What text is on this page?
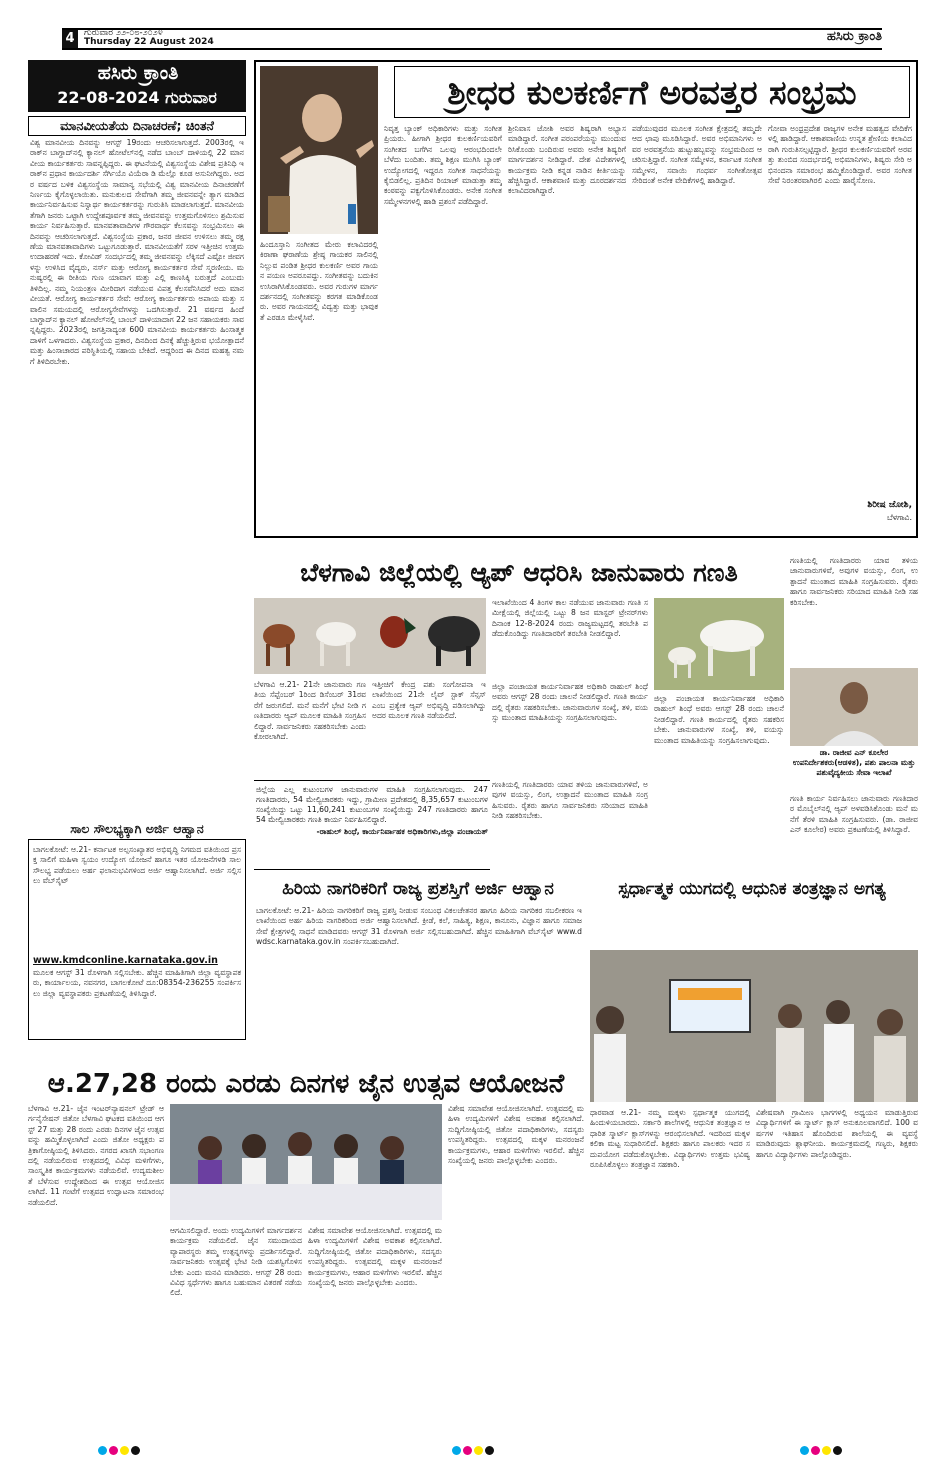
4	ಗುರುವಾರ ೨೨-೦೮-೨೦೨೪
Thursday 22 August 2024	ಹಸಿರು ಕ್ರಾಂತಿ
ಹಸಿರು ಕ್ರಾಂತಿ
22-08-2024 ಗುರುವಾರ
ಮಾನವೀಯತೆಯ ದಿನಾಚರಣೆ; ಚಿಂತನೆ
ವಿಶ್ವ ಮಾನವೀಯ ದಿನವನ್ನು ಆಗಸ್ಟ್ 19ರಂದು ಆಚರಿಸಲಾಗುತ್ತದೆ. 2003ರಲ್ಲಿ ಇರಾಕ್‌ನ ಬಾಗ್ದಾದ್‌ನಲ್ಲಿ ಕ್ಯಾನಲ್ ಹೋಟೆಲ್‌ನಲ್ಲಿ ನಡೆದ ಬಾಂಬ್ ದಾಳಿಯಲ್ಲಿ 22 ಮಾನವೀಯ ಕಾರ್ಯಕರ್ತರು ಸಾವನ್ನಪ್ಪಿದ್ದರು. ಈ ಘಟನೆಯಲ್ಲಿ ವಿಶ್ವಸಂಸ್ಥೆಯ ವಿಶೇಷ ಪ್ರತಿನಿಧಿ ಇರಾಕ್‌ನ ಪ್ರಧಾನ ಕಾರ್ಯದರ್ಶಿ ಸೆರ್ಗಿಯೊ ವಿಯೆರಾ ಡಿ ಮೆಲ್ಲೊ ಕೂಡ ಅಸುನೀಗಿದ್ದರು. ಅದರ ವರ್ಷದ ಬಳಿಕ ವಿಶ್ವಸಂಸ್ಥೆಯ ಸಾಮಾನ್ಯ ಸಭೆಯಲ್ಲಿ ವಿಶ್ವ ಮಾನವೀಯ ದಿನಾಚರಣೆಗೆ ನಿರ್ಣಯ ಕೈಗೊಳ್ಳಲಾಯಿತು. ಮನುಕುಲದ ಸೇವೆಗಾಗಿ ತಮ್ಮ ಜೀವನವನ್ನೇ ತ್ಯಾಗ ಮಾಡಿದ ಕಾರ್ಯನಿರ್ವಹಿಸುವ ನಿಸ್ವಾರ್ಥ ಕಾರ್ಯಕರ್ತರನ್ನು ಗುರುತಿಸಿ ಮಾಡಲಾಗುತ್ತದೆ. ಮಾನವೀಯತೆಗಾಗಿ ಜನರು ಒಟ್ಟಾಗಿ ಉದ್ದೇಶಪೂರ್ವಕ ತಮ್ಮ ಜೀವನವನ್ನು ಉತ್ತಮಗೊಳಿಸಲು ಶ್ರಮಿಸುವ ಕಾರ್ಯ ನಿರ್ವಹಿಸುತ್ತಾರೆ. ಮಾನವತಾವಾದಿಗಳ ಗೌರವಾರ್ಥ ಕೆಲಸವನ್ನು ಸಂಭ್ರಮಿಸಲು ಈ ದಿನವನ್ನು ಆಚರಿಸಲಾಗುತ್ತದೆ. ವಿಶ್ವಸಂಸ್ಥೆಯ ಪ್ರಕಾರ, ಜನರ ಜೀವನ ಉಳಿಸಲು ತಮ್ಮ ರಕ್ಷಣೆಯ ಮಾನವತಾವಾದಿಗಳು ಒಟ್ಟುಗೂಡುತ್ತಾರೆ. ಮಾನವೀಯತೆಗೆ ಸರಳ ಇತ್ತೀಚಿನ ಉತ್ತಮ ಉದಾಹರಣೆ ಇದು. ಕೋವಿಡ್ ಸಂದರ್ಭದಲ್ಲಿ ತಮ್ಮ ಜೀವನವನ್ನು ಲೆಕ್ಕಿಸದೆ ಎಷ್ಟೋ ಜೀವಗಳನ್ನು ಉಳಿಸಿದ ವೈದ್ಯರು, ನರ್ಸ್ ಮತ್ತು ಆರೋಗ್ಯ ಕಾರ್ಯಕರ್ತರ ಸೇವೆ ಸ್ಮರಣೀಯ. ಮನುಷ್ಯರಲ್ಲಿ ಈ ರೀತಿಯ ಗುಣ ಯಾವಾಗ ಮತ್ತು ಎಲ್ಲಿ ಕಾಣಸಿಕ್ಕಿ ಬರುತ್ತದೆ ಎಂಬುದು ತಿಳಿದಿಲ್ಲ. ನಮ್ಮ ನಿಯಂತ್ರಣ ಮೀರಿದಾಗ ನಡೆಯುವ ವಿಪತ್ತ ಕೆಲಸವೆನಿಸಿದರೆ ಅದು ಮಾನವೀಯತೆ. ಆರೋಗ್ಯ ಕಾರ್ಯಕರ್ತರ ಸೇವೆ: ಆರೋಗ್ಯ ಕಾರ್ಯಕರ್ತರು ಅಪಾಯ ಮತ್ತು ಸವಾಲಿನ ಸಮಯದಲ್ಲಿ ಆರೋಗ್ಯಸೇವೆಗಳನ್ನು ಒದಗಿಸುತ್ತಾರೆ. 21 ವರ್ಷದ ಹಿಂದೆ ಬಾಗ್ದಾದ್‌ನ ಕ್ಯಾನಲ್ ಹೋಟೆಲ್‌ನಲ್ಲಿ ಬಾಂಬ್ ದಾಳಿಯಾದಾಗ 22 ಜನ ಸಹಾಯಕರು ಸಾವನ್ನಪ್ಪಿದ್ದರು. 2023ರಲ್ಲಿ ಜಗತ್ತಿನಾದ್ಯಂತ 600 ಮಾನವೀಯ ಕಾರ್ಯಕರ್ತರು ಹಿಂಸಾತ್ಮಕ ದಾಳಿಗೆ ಒಳಗಾದರು. ವಿಶ್ವಸಂಸ್ಥೆಯ ಪ್ರಕಾರ, ದಿನದಿಂದ ದಿನಕ್ಕೆ ಹೆಚ್ಚುತ್ತಿರುವ ಭಯೋತ್ಪಾದನೆ ಮತ್ತು ಹಿಂಸಾಚಾರದ ಪರಿಸ್ಥಿತಿಯಲ್ಲಿ ಸಹಾಯ ಬೇಕಿದೆ. ಆದ್ದರಿಂದ ಈ ದಿನದ ಮಹತ್ವ ನಮಗೆ ತಿಳಿದಿರಬೇಕು.
ಸಾಲ ಸೌಲಭ್ಯಕ್ಕಾಗಿ ಅರ್ಜಿ ಆಹ್ವಾನ
ಬಾಗಲಕೋಟೆ: ಆ.21- ಕರ್ನಾಟಕ ಅಲ್ಪಸಂಖ್ಯಾತರ ಅಭಿವೃದ್ಧಿ ನಿಗಮದ ವತಿಯಿಂದ ಪ್ರಸಕ್ತ ಸಾಲಿಗೆ ಮಹಿಳಾ ಸ್ವಯಂ ಉದ್ಯೋಗ ಯೋಜನೆ ಹಾಗೂ ಇತರ ಯೋಜನೆಗಳಡಿ ಸಾಲ ಸೌಲಭ್ಯ ಪಡೆಯಲು ಅರ್ಹ ಫಲಾನುಭವಿಗಳಿಂದ ಅರ್ಜಿ ಆಹ್ವಾನಿಸಲಾಗಿದೆ. ಅರ್ಜಿ ಸಲ್ಲಿಸಲು ವೆಬ್‌ಸೈಟ್
www.kmdconline.karnataka.gov.in
ಮೂಲಕ ಆಗಸ್ಟ್ 31 ರೊಳಗಾಗಿ ಸಲ್ಲಿಸಬೇಕು. ಹೆಚ್ಚಿನ ಮಾಹಿತಿಗಾಗಿ ಜಿಲ್ಲಾ ವ್ಯವಸ್ಥಾಪಕರು, ಕಾರ್ಯಾಲಯ, ನವನಗರ, ಬಾಗಲಕೋಟೆ ದೂ:08354-236255 ಸಂಪರ್ಕಿಸಲು ಜಿಲ್ಲಾ ವ್ಯವಸ್ಥಾಪಕರು ಪ್ರಕಟಣೆಯಲ್ಲಿ ತಿಳಿಸಿದ್ದಾರೆ.
ಶ್ರೀಧರ ಕುಲಕರ್ಣಿಗೆ ಅರವತ್ತರ ಸಂಭ್ರಮ
ಹಿಂದೂಸ್ತಾನಿ ಸಂಗೀತದ ಮೇರು ಕಲಾವಿದರಲ್ಲಿ ಕಿರಾಣಾ ಘರಾಣೆಯ ಶ್ರೇಷ್ಠ ಗಾಯಕರ ಸಾಲಿನಲ್ಲಿ ನಿಲ್ಲುವ ಪಂಡಿತ ಶ್ರೀಧರ ಕುಲಕರ್ಣಿ ಅವರ ಗಾಯನ ಪಯಣ ಅಪರೂಪದ್ದು. ಸಂಗೀತವನ್ನು ಬದುಕಿನ ಉಸಿರಾಗಿಸಿಕೊಂಡವರು. ಅವರ ಗುರುಗಳ ಮಾರ್ಗದರ್ಶನದಲ್ಲಿ ಸಂಗೀತವನ್ನು ಕರಗತ ಮಾಡಿಕೊಂಡರು. ಅವರ ಗಾಯನದಲ್ಲಿ ವಿದ್ವತ್ತು ಮತ್ತು ಭಾವುಕತೆ ಎರಡೂ ಮೇಳೈಸಿವೆ.
ನಿವೃತ್ತ ಬ್ಯಾಂಕ್ ಅಧಿಕಾರಿಗಳು ಮತ್ತು ಸಂಗೀತ ಪ್ರಿಯರು. ಹೀಗಾಗಿ ಶ್ರೀಧರ ಕುಲಕರ್ಣಿಯವರಿಗೆ ಸಂಗೀತದ ಬಗೆಗಿನ ಒಲವು ಆರಂಭದಿಂದಲೇ ಬೆಳೆದು ಬಂದಿತು. ತಮ್ಮ ಶಿಕ್ಷಣ ಮುಗಿಸಿ ಬ್ಯಾಂಕ್ ಉದ್ಯೋಗದಲ್ಲಿ ಇದ್ದರೂ ಸಂಗೀತ ಸಾಧನೆಯನ್ನು ಕೈಬಿಡಲಿಲ್ಲ. ಪ್ರತಿದಿನ ರಿಯಾಜ್ ಮಾಡುತ್ತಾ ತಮ್ಮ ಕಂಠವನ್ನು ಪಕ್ವಗೊಳಿಸಿಕೊಂಡರು. ಅನೇಕ ಸಂಗೀತ ಸಮ್ಮೇಳನಗಳಲ್ಲಿ ಹಾಡಿ ಪ್ರಶಂಸೆ ಪಡೆದಿದ್ದಾರೆ.
ಶ್ರೀನಿವಾಸ ಜೋಶಿ ಅವರ ಶಿಷ್ಯರಾಗಿ ಅಭ್ಯಾಸ ಮಾಡಿದ್ದಾರೆ. ಸಂಗೀತ ಪರಂಪರೆಯನ್ನು ಮುಂದುವರಿಸಿಕೊಂಡು ಬಂದಿರುವ ಅವರು ಅನೇಕ ಶಿಷ್ಯರಿಗೆ ಮಾರ್ಗದರ್ಶನ ನೀಡಿದ್ದಾರೆ. ದೇಶ ವಿದೇಶಗಳಲ್ಲಿ ಕಾರ್ಯಕ್ರಮ ನೀಡಿ ಕನ್ನಡ ನಾಡಿನ ಕೀರ್ತಿಯನ್ನು ಹೆಚ್ಚಿಸಿದ್ದಾರೆ. ಆಕಾಶವಾಣಿ ಮತ್ತು ದೂರದರ್ಶನದ ಕಲಾವಿದರಾಗಿದ್ದಾರೆ.
ಪಡೆಯುವುದರ ಮೂಲಕ ಸಂಗೀತ ಕ್ಷೇತ್ರದಲ್ಲಿ ತಮ್ಮದೇ ಆದ ಛಾಪು ಮೂಡಿಸಿದ್ದಾರೆ. ಅವರ ಅಭಿಮಾನಿಗಳು ಅವರ ಅರವತ್ತನೆಯ ಹುಟ್ಟುಹಬ್ಬವನ್ನು ಸಂಭ್ರಮದಿಂದ ಆಚರಿಸುತ್ತಿದ್ದಾರೆ. ಸಂಗೀತ ಸಮ್ಮೇಳನ, ಕರ್ನಾಟಕ ಸಂಗೀತ ಸಮ್ಮೇಳನ, ಸವಾಯಿ ಗಂಧರ್ವ ಸಂಗೀತೋತ್ಸವ ಸೇರಿದಂತೆ ಅನೇಕ ವೇದಿಕೆಗಳಲ್ಲಿ ಹಾಡಿದ್ದಾರೆ.
ಗೋವಾ ಅಂಧ್ರಪ್ರದೇಶ ರಾಜ್ಯಗಳ ಅನೇಕ ಮಹತ್ವದ ವೇದಿಕೆಗಳಲ್ಲಿ ಹಾಡಿದ್ದಾರೆ. ಆಕಾಶವಾಣಿಯ ಉನ್ನತ ಶ್ರೇಣಿಯ ಕಲಾವಿದರಾಗಿ ಗುರುತಿಸಲ್ಪಟ್ಟಿದ್ದಾರೆ. ಶ್ರೀಧರ ಕುಲಕರ್ಣಿಯವರಿಗೆ ಅರವತ್ತು ತುಂಬಿದ ಸಂದರ್ಭದಲ್ಲಿ ಅಭಿಮಾನಿಗಳು, ಶಿಷ್ಯರು ಸೇರಿ ಅಭಿನಂದನಾ ಸಮಾರಂಭ ಹಮ್ಮಿಕೊಂಡಿದ್ದಾರೆ. ಅವರ ಸಂಗೀತ ಸೇವೆ ನಿರಂತರವಾಗಿರಲಿ ಎಂದು ಹಾರೈಸೋಣ.
ಶಿರೀಷ ಜೋಶಿ,
ಬೆಳಗಾವಿ.
ಬೆಳಗಾವಿ ಜಿಲ್ಲೆಯಲ್ಲಿ ಆ್ಯಪ್ ಆಧರಿಸಿ ಜಾನುವಾರು ಗಣತಿ
ಇಲಾಖೆಯಿಂದ 4 ತಿಂಗಳ ಕಾಲ ನಡೆಯುವ ಜಾನುವಾರು ಗಣತಿ ಸಮೀಕ್ಷೆಯಲ್ಲಿ ಜಿಲ್ಲೆಯಲ್ಲಿ ಒಟ್ಟು 8 ಜನ ಮಾಸ್ಟರ್ ಟ್ರೇನರ್‌ಗಳು ದಿನಾಂಕ 12-8-2024 ರಂದು ರಾಜ್ಯಮಟ್ಟದಲ್ಲಿ ತರಬೇತಿ ಪಡೆದುಕೊಂಡಿದ್ದು ಗಣತಿದಾರರಿಗೆ ತರಬೇತಿ ನೀಡಲಿದ್ದಾರೆ.
ಬೆಳಗಾವಿ ಆ.21- 21ನೇ ಜಾನುವಾರು ಗಣತಿಯ ಸೆಪ್ಟೆಂಬರ್ 1ರಿಂದ ಡಿಸೆಂಬರ್ 31ರವರೆಗೆ ಜರುಗಲಿದೆ. ಮನೆ ಮನೆಗೆ ಭೇಟಿ ನೀಡಿ ಗಣತಿದಾರರು ಆ್ಯಪ್ ಮೂಲಕ ಮಾಹಿತಿ ಸಂಗ್ರಹಿಸಲಿದ್ದಾರೆ. ಸಾರ್ವಜನಿಕರು ಸಹಕರಿಸಬೇಕು ಎಂದು ಕೋರಲಾಗಿದೆ.
ಇತ್ತೀಚಿಗೆ ಕೇಂದ್ರ ಪಶು ಸಂಗೋಪನಾ ಇಲಾಖೆಯಿಂದ 21ನೇ ಲೈವ್ ಸ್ಟಾಕ್ ಸೆನ್ಸಸ್ ಎಂಬ ಪ್ರತ್ಯೇಕ ಆ್ಯಪ್ ಅಭಿವೃದ್ಧಿ ಪಡಿಸಲಾಗಿದ್ದು ಅದರ ಮೂಲಕ ಗಣತಿ ನಡೆಯಲಿದೆ.
ಜಿಲ್ಲಾ ಪಂಚಾಯತ ಕಾರ್ಯನಿರ್ವಾಹಕ ಅಧಿಕಾರಿ ರಾಹುಲ್ ಶಿಂಧೆ ಅವರು ಆಗಸ್ಟ್ 28 ರಂದು ಚಾಲನೆ ನೀಡಲಿದ್ದಾರೆ. ಗಣತಿ ಕಾರ್ಯದಲ್ಲಿ ರೈತರು ಸಹಕರಿಸಬೇಕು. ಜಾನುವಾರುಗಳ ಸಂಖ್ಯೆ, ತಳಿ, ವಯಸ್ಸು ಮುಂತಾದ ಮಾಹಿತಿಯನ್ನು ಸಂಗ್ರಹಿಸಲಾಗುವುದು.
ಜಿಲ್ಲೆಯ ಎಲ್ಲ ಕುಟುಂಬಗಳ ಜಾನುವಾರುಗಳ ಮಾಹಿತಿ ಸಂಗ್ರಹಿಸಲಾಗುವುದು. 247 ಗಣತಿದಾರರು, 54 ಮೇಲ್ವಿಚಾರಕರು ಇದ್ದು, ಗ್ರಾಮೀಣ ಪ್ರದೇಶದಲ್ಲಿ 8,35,657 ಕುಟುಂಬಗಳ ಸಂಖ್ಯೆಯಿದ್ದು ಒಟ್ಟು 11,60,241 ಕುಟುಂಬಗಳ ಸಂಖ್ಯೆಯಿದ್ದು 247 ಗಣತಿದಾರರು ಹಾಗೂ 54 ಮೇಲ್ವಿಚಾರಕರು ಗಣತಿ ಕಾರ್ಯ ನಿರ್ವಹಿಸಲಿದ್ದಾರೆ.
-ರಾಹುಲ್ ಶಿಂಧೆ, ಕಾರ್ಯನಿರ್ವಾಹಕ ಅಧಿಕಾರಿಗಳು,ಜಿಲ್ಲಾ ಪಂಚಾಯತ್
ಗಣತಿಯಲ್ಲಿ ಗಣತಿದಾರರು ಯಾವ ತಳಿಯ ಜಾನುವಾರುಗಳಿವೆ, ಅವುಗಳ ವಯಸ್ಸು, ಲಿಂಗ, ಉತ್ಪಾದನೆ ಮುಂತಾದ ಮಾಹಿತಿ ಸಂಗ್ರಹಿಸುವರು. ರೈತರು ಹಾಗೂ ಸಾರ್ವಜನಿಕರು ಸರಿಯಾದ ಮಾಹಿತಿ ನೀಡಿ ಸಹಕರಿಸಬೇಕು.
ಗಣತಿಯಲ್ಲಿ ಗಣತಿದಾರರು ಯಾವ ತಳಿಯ ಜಾನುವಾರುಗಳಿವೆ, ಅವುಗಳ ವಯಸ್ಸು, ಲಿಂಗ, ಉತ್ಪಾದನೆ ಮುಂತಾದ ಮಾಹಿತಿ ಸಂಗ್ರಹಿಸುವರು. ರೈತರು ಹಾಗೂ ಸಾರ್ವಜನಿಕರು ಸರಿಯಾದ ಮಾಹಿತಿ ನೀಡಿ ಸಹಕರಿಸಬೇಕು.
ಡಾ. ರಾಜೀವ ಎನ್ ಕೂಲೇರ ಉಪನಿರ್ದೇಶಕರು(ಆಡಳಿತ), ಪಶು ಪಾಲನಾ ಮತ್ತು ಪಶುವೈದ್ಯಕೀಯ ಸೇವಾ ಇಲಾಖೆ
ಗಣತಿ ಕಾರ್ಯ ನಿರ್ವಹಿಸಲು ಜಾನುವಾರು ಗಣತಿದಾರರ ಮೊಬೈಲ್‌ನಲ್ಲಿ ಆ್ಯಪ್ ಅಳವಡಿಸಿಕೊಂಡು ಮನೆ ಮನೆಗೆ ತೆರಳಿ ಮಾಹಿತಿ ಸಂಗ್ರಹಿಸುವರು. (ಡಾ. ರಾಜೀವ ಎನ್ ಕೂಲೇರ) ಅವರು ಪ್ರಕಟಣೆಯಲ್ಲಿ ತಿಳಿಸಿದ್ದಾರೆ.
ಜಿಲ್ಲಾ ಪಂಚಾಯತ ಕಾರ್ಯನಿರ್ವಾಹಕ ಅಧಿಕಾರಿ ರಾಹುಲ್ ಶಿಂಧೆ ಅವರು ಆಗಸ್ಟ್ 28 ರಂದು ಚಾಲನೆ ನೀಡಲಿದ್ದಾರೆ. ಗಣತಿ ಕಾರ್ಯದಲ್ಲಿ ರೈತರು ಸಹಕರಿಸಬೇಕು. ಜಾನುವಾರುಗಳ ಸಂಖ್ಯೆ, ತಳಿ, ವಯಸ್ಸು ಮುಂತಾದ ಮಾಹಿತಿಯನ್ನು ಸಂಗ್ರಹಿಸಲಾಗುವುದು.
ಹಿರಿಯ ನಾಗರಿಕರಿಗೆ ರಾಜ್ಯ ಪ್ರಶಸ್ತಿಗೆ ಅರ್ಜಿ ಆಹ್ವಾನ
ಬಾಗಲಕೋಟೆ: ಆ.21- ಹಿರಿಯ ನಾಗರಿಕರಿಗೆ ರಾಜ್ಯ ಪ್ರಶಸ್ತಿ ನೀಡುವ ಸಂಬಂಧ ವಿಕಲಚೇತನರ ಹಾಗೂ ಹಿರಿಯ ನಾಗರಿಕರ ಸಬಲೀಕರಣ ಇಲಾಖೆಯಿಂದ ಅರ್ಹ ಹಿರಿಯ ನಾಗರಿಕರಿಂದ ಅರ್ಜಿ ಆಹ್ವಾನಿಸಲಾಗಿದೆ. ಕ್ರೀಡೆ, ಕಲೆ, ಸಾಹಿತ್ಯ, ಶಿಕ್ಷಣ, ಕಾನೂನು, ವಿಜ್ಞಾನ ಹಾಗೂ ಸಮಾಜ ಸೇವೆ ಕ್ಷೇತ್ರಗಳಲ್ಲಿ ಸಾಧನೆ ಮಾಡಿದವರು ಆಗಸ್ಟ್ 31 ರೊಳಗಾಗಿ ಅರ್ಜಿ ಸಲ್ಲಿಸಬಹುದಾಗಿದೆ. ಹೆಚ್ಚಿನ ಮಾಹಿತಿಗಾಗಿ ವೆಬ್‌ಸೈಟ್ www.dwdsc.karnataka.gov.in ಸಂಪರ್ಕಿಸಬಹುದಾಗಿದೆ.
ಸ್ಪರ್ಧಾತ್ಮಕ ಯುಗದಲ್ಲಿ ಆಧುನಿಕ ತಂತ್ರಜ್ಞಾನ ಅಗತ್ಯ
ಆ.27,28 ರಂದು ಎರಡು ದಿನಗಳ ಜೈನ ಉತ್ಸವ ಆಯೋಜನೆ
ಬೆಳಗಾವಿ ಆ.21- ಜೈನ ಇಂಟರ್‌ನ್ಯಾಷನಲ್ ಟ್ರೇಡ್ ಆರ್ಗನೈಸೇಷನ್ ಜಿತೋ ಬೆಳಗಾವಿ ಘಟಕದ ವತಿಯಿಂದ ಆಗಸ್ಟ್ 27 ಮತ್ತು 28 ರಂದು ಎರಡು ದಿನಗಳ ಜೈನ ಉತ್ಸವವನ್ನು ಹಮ್ಮಿಕೊಳ್ಳಲಾಗಿದೆ ಎಂದು ಜಿತೋ ಅಧ್ಯಕ್ಷರು ಪತ್ರಿಕಾಗೋಷ್ಠಿಯಲ್ಲಿ ತಿಳಿಸಿದರು. ನಗರದ ಖಾಸಗಿ ಸಭಾಂಗಣದಲ್ಲಿ ನಡೆಯಲಿರುವ ಉತ್ಸವದಲ್ಲಿ ವಿವಿಧ ಮಳಿಗೆಗಳು, ಸಾಂಸ್ಕೃತಿಕ ಕಾರ್ಯಕ್ರಮಗಳು ನಡೆಯಲಿವೆ. ಉದ್ಯಮಶೀಲತೆ ಬೆಳೆಸುವ ಉದ್ದೇಶದಿಂದ ಈ ಉತ್ಸವ ಆಯೋಜಿಸಲಾಗಿದೆ. 11 ಗಂಟೆಗೆ ಉತ್ಸವದ ಉದ್ಘಾಟನಾ ಸಮಾರಂಭ ನಡೆಯಲಿದೆ.
ಆಗಮಿಸಲಿದ್ದಾರೆ. ಅಂದು ಉದ್ಯಮಿಗಳಿಗೆ ಮಾರ್ಗದರ್ಶನ ಕಾರ್ಯಕ್ರಮ ನಡೆಯಲಿದೆ. ಜೈನ ಸಮುದಾಯದ ವ್ಯಾಪಾರಸ್ಥರು ತಮ್ಮ ಉತ್ಪನ್ನಗಳನ್ನು ಪ್ರದರ್ಶಿಸಲಿದ್ದಾರೆ. ಸಾರ್ವಜನಿಕರು ಉತ್ಸವಕ್ಕೆ ಭೇಟಿ ನೀಡಿ ಯಶಸ್ವಿಗೊಳಿಸಬೇಕು ಎಂದು ಮನವಿ ಮಾಡಿದರು. ಆಗಸ್ಟ್ 28 ರಂದು ವಿವಿಧ ಸ್ಪರ್ಧೆಗಳು ಹಾಗೂ ಬಹುಮಾನ ವಿತರಣೆ ನಡೆಯಲಿದೆ.
ವಿಶೇಷ ಸಮಾವೇಶ ಆಯೋಜಿಸಲಾಗಿದೆ. ಉತ್ಸವದಲ್ಲಿ ಮಹಿಳಾ ಉದ್ಯಮಿಗಳಿಗೆ ವಿಶೇಷ ಅವಕಾಶ ಕಲ್ಪಿಸಲಾಗಿದೆ. ಸುದ್ದಿಗೋಷ್ಠಿಯಲ್ಲಿ ಜಿತೋ ಪದಾಧಿಕಾರಿಗಳು, ಸದಸ್ಯರು ಉಪಸ್ಥಿತರಿದ್ದರು. ಉತ್ಸವದಲ್ಲಿ ಮಕ್ಕಳ ಮನರಂಜನೆ ಕಾರ್ಯಕ್ರಮಗಳು, ಆಹಾರ ಮಳಿಗೆಗಳು ಇರಲಿವೆ. ಹೆಚ್ಚಿನ ಸಂಖ್ಯೆಯಲ್ಲಿ ಜನರು ಪಾಲ್ಗೊಳ್ಳಬೇಕು ಎಂದರು.
ವಿಶೇಷ ಸಮಾವೇಶ ಆಯೋಜಿಸಲಾಗಿದೆ. ಉತ್ಸವದಲ್ಲಿ ಮಹಿಳಾ ಉದ್ಯಮಿಗಳಿಗೆ ವಿಶೇಷ ಅವಕಾಶ ಕಲ್ಪಿಸಲಾಗಿದೆ. ಸುದ್ದಿಗೋಷ್ಠಿಯಲ್ಲಿ ಜಿತೋ ಪದಾಧಿಕಾರಿಗಳು, ಸದಸ್ಯರು ಉಪಸ್ಥಿತರಿದ್ದರು. ಉತ್ಸವದಲ್ಲಿ ಮಕ್ಕಳ ಮನರಂಜನೆ ಕಾರ್ಯಕ್ರಮಗಳು, ಆಹಾರ ಮಳಿಗೆಗಳು ಇರಲಿವೆ. ಹೆಚ್ಚಿನ ಸಂಖ್ಯೆಯಲ್ಲಿ ಜನರು ಪಾಲ್ಗೊಳ್ಳಬೇಕು ಎಂದರು.
ಧಾರವಾಡ ಆ.21- ನಮ್ಮ ಮಕ್ಕಳು ಸ್ಪರ್ಧಾತ್ಮಕ ಯುಗದಲ್ಲಿ ಹಿಂದುಳಿಯಬಾರದು. ಸರ್ಕಾರಿ ಶಾಲೆಗಳಲ್ಲಿ ಆಧುನಿಕ ತಂತ್ರಜ್ಞಾನ ಆಧಾರಿತ ಸ್ಮಾರ್ಟ್ ಕ್ಲಾಸ್‌ಗಳನ್ನು ಆರಂಭಿಸಲಾಗಿದೆ. ಇದರಿಂದ ಮಕ್ಕಳ ಕಲಿಕಾ ಮಟ್ಟ ಸುಧಾರಿಸಲಿದೆ. ಶಿಕ್ಷಕರು ಹಾಗೂ ಪಾಲಕರು ಇದರ ಸದುಪಯೋಗ ಪಡೆದುಕೊಳ್ಳಬೇಕು. ವಿದ್ಯಾರ್ಥಿಗಳು ಉತ್ತಮ ಭವಿಷ್ಯ ರೂಪಿಸಿಕೊಳ್ಳಲು ತಂತ್ರಜ್ಞಾನ ಸಹಕಾರಿ.
ವಿಶೇಷವಾಗಿ ಗ್ರಾಮೀಣ ಭಾಗಗಳಲ್ಲಿ ಅಧ್ಯಯನ ಮಾಡುತ್ತಿರುವ ವಿದ್ಯಾರ್ಥಿಗಳಿಗೆ ಈ ಸ್ಮಾರ್ಟ್ ಕ್ಲಾಸ್ ಅನುಕೂಲವಾಗಲಿದೆ. 100 ವರ್ಷಗಳ ಇತಿಹಾಸ ಹೊಂದಿರುವ ಶಾಲೆಯಲ್ಲಿ ಈ ವ್ಯವಸ್ಥೆ ಮಾಡಿರುವುದು ಶ್ಲಾಘನೀಯ. ಕಾರ್ಯಕ್ರಮದಲ್ಲಿ ಗಣ್ಯರು, ಶಿಕ್ಷಕರು ಹಾಗೂ ವಿದ್ಯಾರ್ಥಿಗಳು ಪಾಲ್ಗೊಂಡಿದ್ದರು.
